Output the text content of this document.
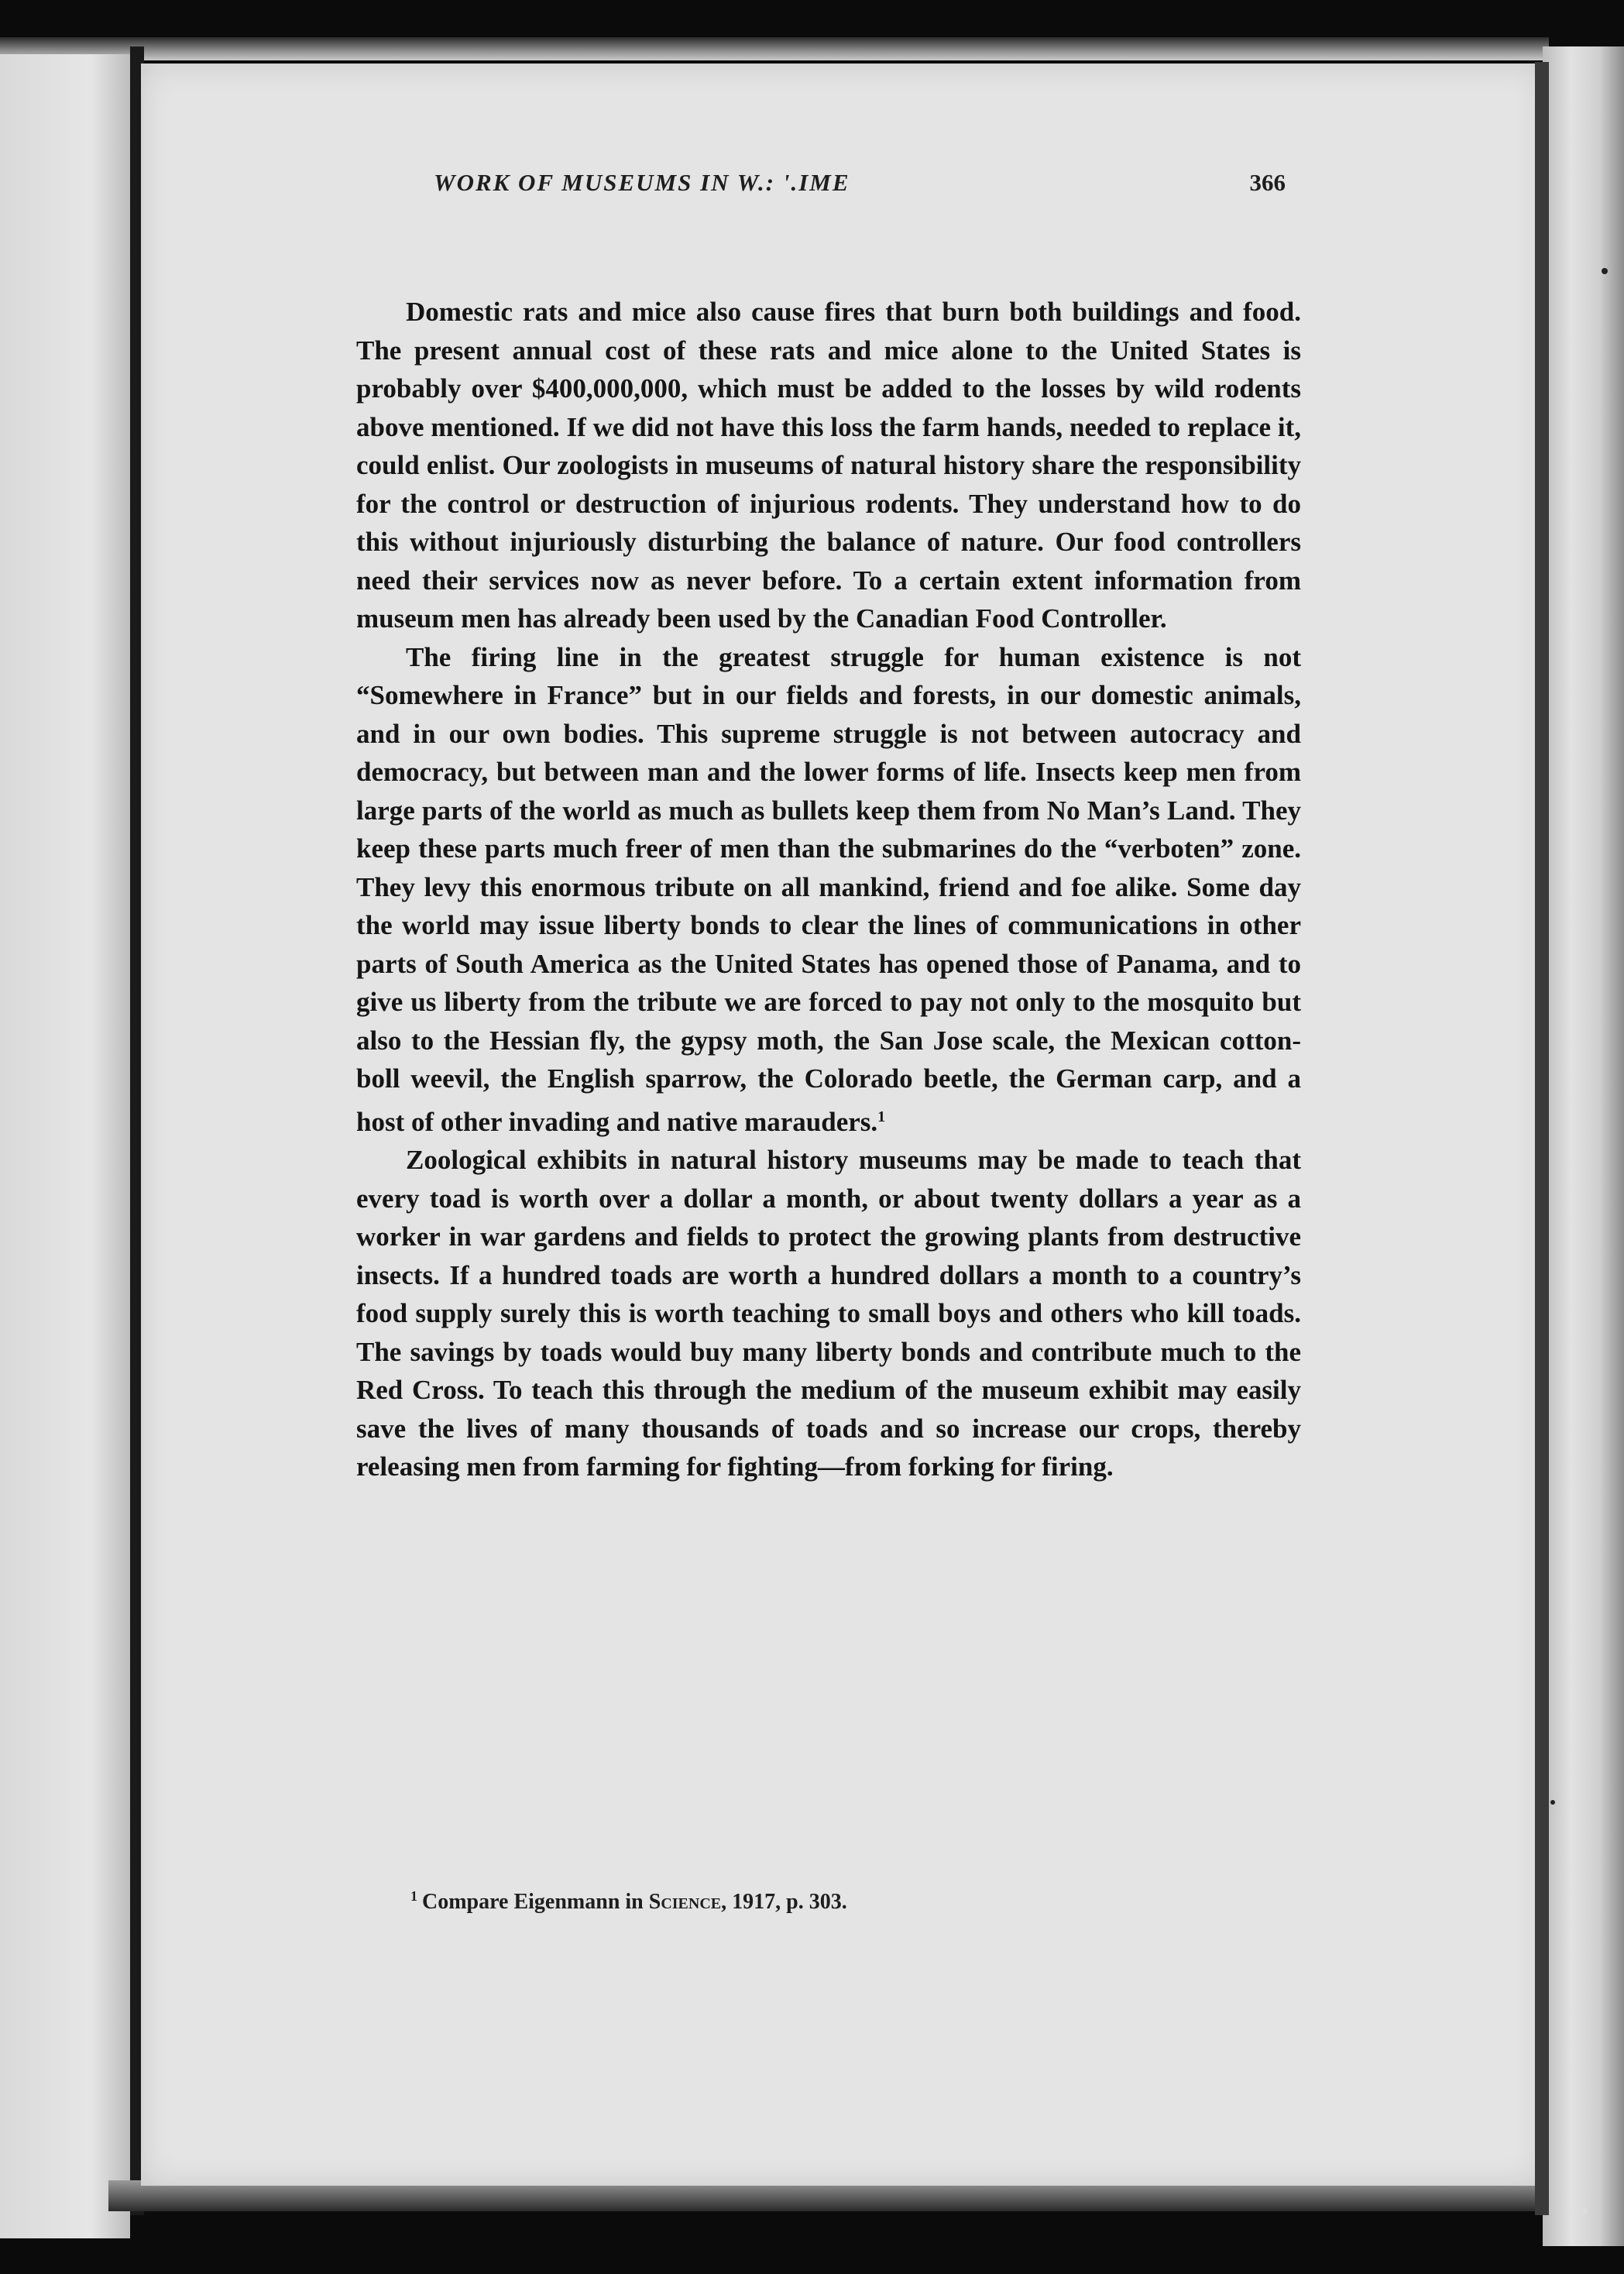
WORK OF MUSEUMS IN W.: '.IME	366

Domestic rats and mice also cause fires that burn both buildings and food. The present annual cost of these rats and mice alone to the United States is probably over $400,000,000, which must be added to the losses by wild rodents above mentioned. If we did not have this loss the farm hands, needed to replace it, could enlist. Our zoologists in museums of natural history share the responsibility for the control or destruction of injurious rodents. They understand how to do this without injuriously disturbing the balance of nature. Our food controllers need their services now as never before. To a certain extent information from museum men has already been used by the Canadian Food Controller.

The firing line in the greatest struggle for human existence is not “Somewhere in France” but in our fields and forests, in our domestic animals, and in our own bodies. This supreme struggle is not between autocracy and democracy, but between man and the lower forms of life. Insects keep men from large parts of the world as much as bullets keep them from No Man’s Land. They keep these parts much freer of men than the submarines do the “verboten” zone. They levy this enormous tribute on all mankind, friend and foe alike. Some day the world may issue liberty bonds to clear the lines of communications in other parts of South America as the United States has opened those of Panama, and to give us liberty from the tribute we are forced to pay not only to the mosquito but also to the Hessian fly, the gypsy moth, the San Jose scale, the Mexican cotton-boll weevil, the English sparrow, the Colorado beetle, the German carp, and a host of other invading and native marauders.$^1$

Zoological exhibits in natural history museums may be made to teach that every toad is worth over a dollar a month, or about twenty dollars a year as a worker in war gardens and fields to protect the growing plants from destructive insects. If a hundred toads are worth a hundred dollars a month to a country’s food supply surely this is worth teaching to small boys and others who kill toads. The savings by toads would buy many liberty bonds and contribute much to the Red Cross. To teach this through the medium of the museum exhibit may easily save the lives of many thousands of toads and so increase our crops, thereby releasing men from farming for fighting—from forking for firing.

$^1$ Compare Eigenmann in Science, 1917, p. 303.
